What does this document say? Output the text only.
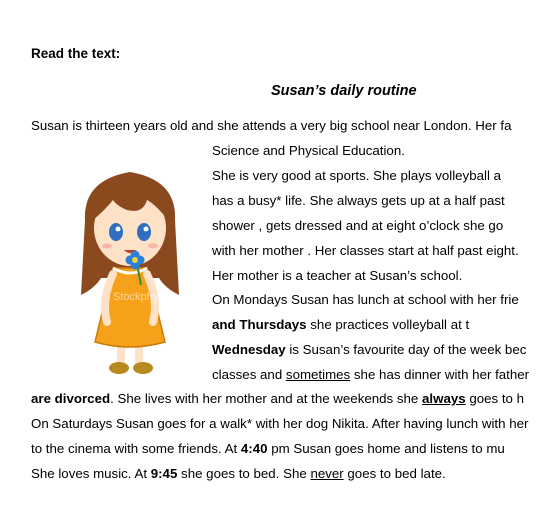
Read the text:
Susan’s daily routine
Susan is thirteen years old and she attends a very big school near London. Her fa
Science and Physical Education.
She is very good at sports. She plays volleyball a
has a busy* life. She always gets up at a half past
shower , gets dressed and at eight o’clock she go
with her mother . Her classes start at half past eight.
Her mother is a teacher at Susan’s school.
On Mondays Susan has lunch at school with her frie
and Thursdays she practices volleyball at t
Wednesday is Susan’s favourite day of the week bec
classes and sometimes she has dinner with her father
are divorced. She lives with her mother and at the weekends she always goes to h
On Saturdays Susan goes for a walk* with her dog Nikita. After having lunch with her
to the cinema with some friends. At 4:40 pm Susan goes home and listens to mu
She loves music. At 9:45 she goes to bed. She never goes to bed late.
Stockphy
